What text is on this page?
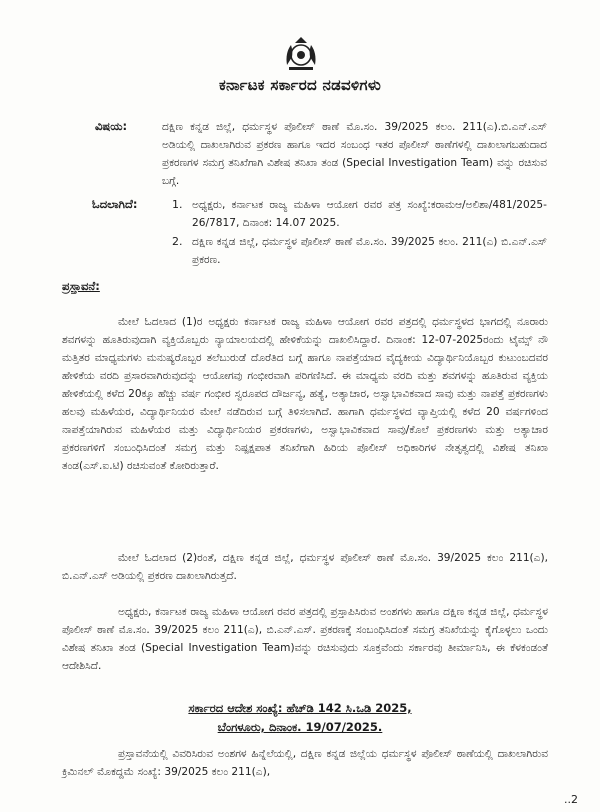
ಕರ್ನಾಟಕ ಸರ್ಕಾರದ ನಡವಳಿಗಳು
ವಿಷಯ:	ದಕ್ಷಿಣ ಕನ್ನಡ ಜಿಲ್ಲೆ, ಧರ್ಮಸ್ಥಳ ಪೊಲೀಸ್ ಠಾಣೆ ಮೊ.ಸಂ. 39/2025 ಕಲಂ. 211(ಎ).ಬಿ.ಎನ್.ಎಸ್ ಅಡಿಯಲ್ಲಿ ದಾಖಲಾಗಿರುವ ಪ್ರಕರಣ ಹಾಗೂ ಇದರ ಸಂಬಂಧ ಇತರ ಪೊಲೀಸ್ ಠಾಣೆಗಳಲ್ಲಿ ದಾಖಲಾಗಬಹುದಾದ ಪ್ರಕರಣಗಳ ಸಮಗ್ರ ತನಿಖೆಗಾಗಿ ವಿಶೇಷ ತನಿಖಾ ತಂಡ (Special Investigation Team) ವನ್ನು ರಚಿಸುವ ಬಗ್ಗೆ.
ಓದಲಾಗಿದೆ:	1. ಅಧ್ಯಕ್ಷರು, ಕರ್ನಾಟಕ ರಾಜ್ಯ ಮಹಿಳಾ ಆಯೋಗ ರವರ ಪತ್ರ ಸಂಖ್ಯೆ:ಕರಾಮಆ/ಅಲಿಶಾ/481/2025-26/7817, ದಿನಾಂಕ: 14.07 2025.
2. ದಕ್ಷಿಣ ಕನ್ನಡ ಜಿಲ್ಲೆ, ಧರ್ಮಸ್ಥಳ ಪೊಲೀಸ್ ಠಾಣೆ ಮೊ.ಸಂ. 39/2025 ಕಲಂ. 211(ಎ) ಬಿ.ಎನ್.ಎಸ್ ಪ್ರಕರಣ.
ಪ್ರಸ್ತಾವನೆ:
ಮೇಲೆ ಓದಲಾದ (1)ರ ಅಧ್ಯಕ್ಷರು ಕರ್ನಾಟಕ ರಾಜ್ಯ ಮಹಿಳಾ ಆಯೋಗ ರವರ ಪತ್ರದಲ್ಲಿ ಧರ್ಮಸ್ಥಳದ ಭಾಗದಲ್ಲಿ ನೂರಾರು ಶವಗಳನ್ನು ಹೂತಿರುವುದಾಗಿ ವ್ಯಕ್ತಿಯೊಬ್ಬರು ನ್ಯಾಯಾಲಯದಲ್ಲಿ ಹೇಳಿಕೆಯನ್ನು ದಾಖಲಿಸಿದ್ದಾರೆ. ದಿನಾಂಕ: 12-07-2025ರಂದು ಟೈಮ್ಸ್ ನೌ ಮತ್ತಿತರ ಮಾಧ್ಯಮಗಳು ಮನುಷ್ಯರೊಬ್ಬರ ತಲೆಬುರುಡೆ ದೊರೆತಿದ ಬಗ್ಗೆ ಹಾಗೂ ನಾಪತ್ತೆಯಾದ ವೈದ್ಯಕೀಯ ವಿದ್ಯಾರ್ಥಿನಿಯೊಬ್ಬರ ಕುಟುಂಬದವರ ಹೇಳಿಕೆಯ ವರದಿ ಪ್ರಸಾರವಾಗಿರುವುದನ್ನು ಆಯೋಗವು ಗಂಭೀರವಾಗಿ ಪರಿಗಣಿಸಿದೆ. ಈ ಮಾಧ್ಯಮ ವರದಿ ಮತ್ತು ಶವಗಳನ್ನು ಹೂತಿರುವ ವ್ಯಕ್ತಿಯ ಹೇಳಿಕೆಯಲ್ಲಿ ಕಳೆದ 20ಕ್ಕೂ ಹೆಚ್ಚು ವರ್ಷ ಗಂಭೀರ ಸ್ವರೂಪದ ದೌರ್ಜನ್ಯ, ಹತ್ಯೆ, ಅತ್ಯಾಚಾರ, ಅಸ್ವಾಭಾವಿಕವಾದ ಸಾವು ಮತ್ತು ನಾಪತ್ತೆ ಪ್ರಕರಣಗಳು ಹಲವು ಮಹಿಳೆಯರ, ವಿದ್ಯಾರ್ಥಿನಿಯರ ಮೇಲೆ ನಡೆದಿರುವ ಬಗ್ಗೆ ತಿಳಿಸಲಾಗಿದೆ. ಹಾಗಾಗಿ ಧರ್ಮಸ್ಥಳದ ವ್ಯಾಪ್ತಿಯಲ್ಲಿ ಕಳೆದ 20 ವರ್ಷಗಳಿಂದ ನಾಪತ್ತೆಯಾಗಿರುವ ಮಹಿಳೆಯರ ಮತ್ತು ವಿದ್ಯಾರ್ಥಿನಿಯರ ಪ್ರಕರಣಗಳು, ಅಸ್ವಾಭಾವಿಕವಾದ ಸಾವು/ಕೊಲೆ ಪ್ರಕರಣಗಳು ಮತ್ತು ಅತ್ಯಾಚಾರ ಪ್ರಕರಣಗಳಿಗೆ ಸಂಬಂಧಿಸಿದಂತೆ ಸಮಗ್ರ ಮತ್ತು ನಿಷ್ಪಕ್ಷಪಾತ ತನಿಖೆಗಾಗಿ ಹಿರಿಯ ಪೊಲೀಸ್ ಅಧಿಕಾರಿಗಳ ನೇತೃತ್ವದಲ್ಲಿ ವಿಶೇಷ ತನಿಖಾ ತಂಡ(ಎಸ್.ಐ.ಟಿ) ರಚಿಸುವಂತೆ ಕೋರಿರುತ್ತಾರೆ.
ಮೇಲೆ ಓದಲಾದ (2)ರಂತೆ, ದಕ್ಷಿಣ ಕನ್ನಡ ಜಿಲ್ಲೆ, ಧರ್ಮಸ್ಥಳ ಪೊಲೀಸ್ ಠಾಣೆ ಮೊ.ಸಂ. 39/2025 ಕಲಂ 211(ಎ), ಬಿ.ಎನ್.ಎಸ್ ಅಡಿಯಲ್ಲಿ ಪ್ರಕರಣ ದಾಖಲಾಗಿರುತ್ತದೆ.
ಅಧ್ಯಕ್ಷರು, ಕರ್ನಾಟಕ ರಾಜ್ಯ ಮಹಿಳಾ ಆಯೋಗ ರವರ ಪತ್ರದಲ್ಲಿ ಪ್ರಸ್ತಾಪಿಸಿರುವ ಅಂಶಗಳು ಹಾಗೂ ದಕ್ಷಿಣ ಕನ್ನಡ ಜಿಲ್ಲೆ, ಧರ್ಮಸ್ಥಳ ಪೊಲೀಸ್ ಠಾಣೆ ಮೊ.ಸಂ. 39/2025 ಕಲಂ 211(ಎ), ಬಿ.ಎನ್.ಎಸ್. ಪ್ರಕರಣಕ್ಕೆ ಸಂಬಂಧಿಸಿದಂತೆ ಸಮಗ್ರ ತನಿಖೆಯನ್ನು ಕೈಗೊಳ್ಳಲು ಒಂದು ವಿಶೇಷ ತನಿಖಾ ತಂಡ (Special Investigation Team)ವನ್ನು ರಚಿಸುವುದು ಸೂಕ್ತವೆಂದು ಸರ್ಕಾರವು ತೀರ್ಮಾನಿಸಿ, ಈ ಕೆಳಕಂಡಂತೆ ಆದೇಶಿಸಿದೆ.
ಸರ್ಕಾರದ ಆದೇಶ ಸಂಖ್ಯೆ: ಹೆಚ್‌ಡಿ 142 ಸಿ.ಒಡಿ 2025,
ಬೆಂಗಳೂರು, ದಿನಾಂಕ. 19/07/2025.
ಪ್ರಸ್ತಾವನೆಯಲ್ಲಿ ವಿವರಿಸಿರುವ ಅಂಶಗಳ ಹಿನ್ನೆಲೆಯಲ್ಲಿ, ದಕ್ಷಿಣ ಕನ್ನಡ ಜಿಲ್ಲೆಯ ಧರ್ಮಸ್ಥಳ ಪೊಲೀಸ್ ಠಾಣೆಯಲ್ಲಿ ದಾಖಲಾಗಿರುವ ಕ್ರಿಮಿನಲ್ ಮೊಕದ್ದಮೆ ಸಂಖ್ಯೆ: 39/2025 ಕಲಂ 211(ಎ),
..2
